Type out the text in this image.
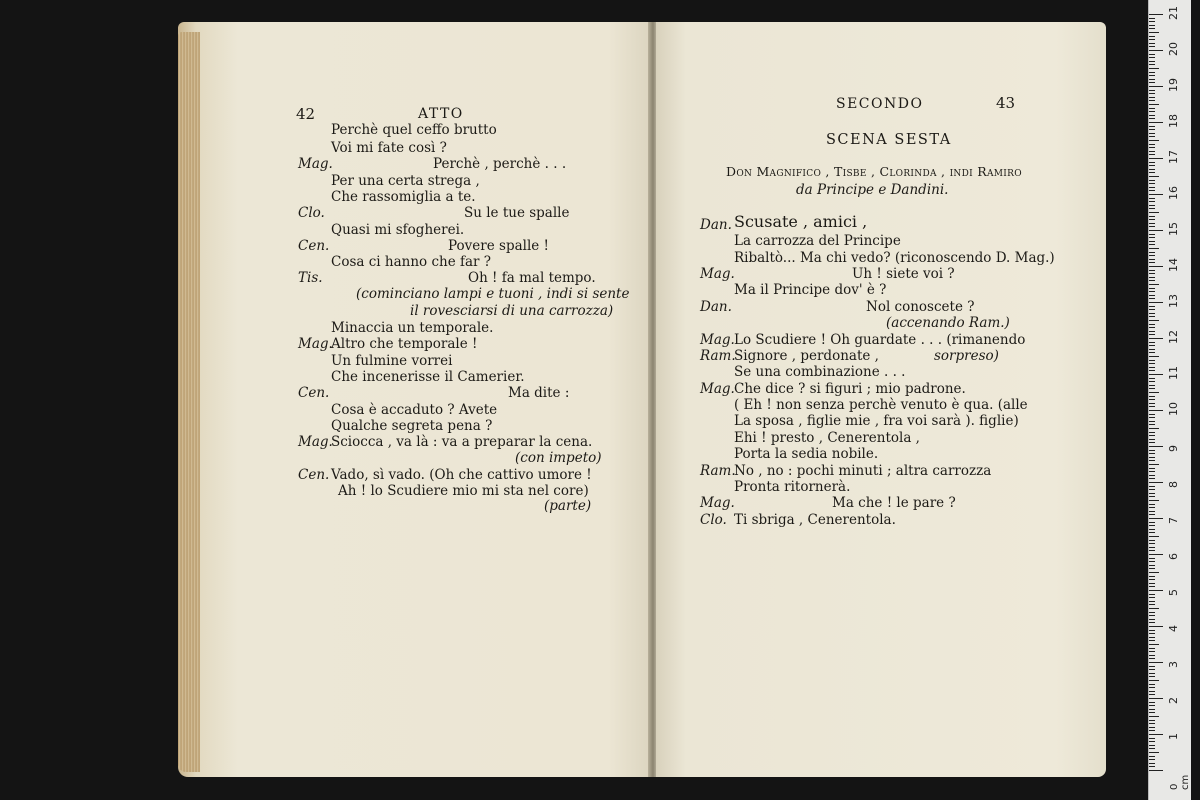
42	ATTO
Perchè quel ceffo brutto
Voi mi fate così ?
Mag.	Perchè , perchè . . .
Per una certa strega ,
Che rassomiglia a te.
Clo.	Su le tue spalle
Quasi mi sfogherei.
Cen.	Povere spalle !
Cosa ci hanno che far ?
Tis.	Oh ! fa mal tempo.
(cominciano lampi e tuoni , indi si sente
il rovesciarsi di una carrozza)
Minaccia un temporale.
Mag.
Altro che temporale !
Un fulmine vorrei
Che incenerisse il Camerier.
Cen.	Ma dite :
Cosa è accaduto ? Avete
Qualche segreta pena ?
Mag.
Sciocca , va là : va a preparar la cena.
(con impeto)
Cen. Vado, sì vado. (Oh che cattivo umore !
Ah ! lo Scudiere mio mi sta nel core)
(parte)
SECONDO	43
SCENA SESTA
Don Magnifico , Tisbe , Clorinda , indi Ramiro
da Principe e Dandini.
Dan. Scusate , amici ,
La carrozza del Principe
Ribaltò... Ma chi vedo? (riconoscendo D. Mag.)
Mag.	Uh ! siete voi ?
Ma il Principe dov' è ?
Dan.	Nol conoscete ?
(accenando Ram.)
Mag. Lo Scudiere ! Oh guardate . . . (rimanendo
Ram.
Signore , perdonate ,	sorpreso)
Se una combinazione . . .
Mag. Che dice ? si figuri ; mio padrone.
( Eh ! non senza perchè venuto è qua. (alle
La sposa , figlie mie , fra voi sarà ). figlie)
Ehi ! presto , Cenerentola ,
Porta la sedia nobile.
Ram.
No , no : pochi minuti ; altra carrozza
Pronta ritornerà.
Mag.	Ma che ! le pare ?
Clo. Ti sbriga , Cenerentola.
1
2
3
4
5
6
7
8
9
10
11
12
13
14
15
16
17
18
19
20
21
0 cm
